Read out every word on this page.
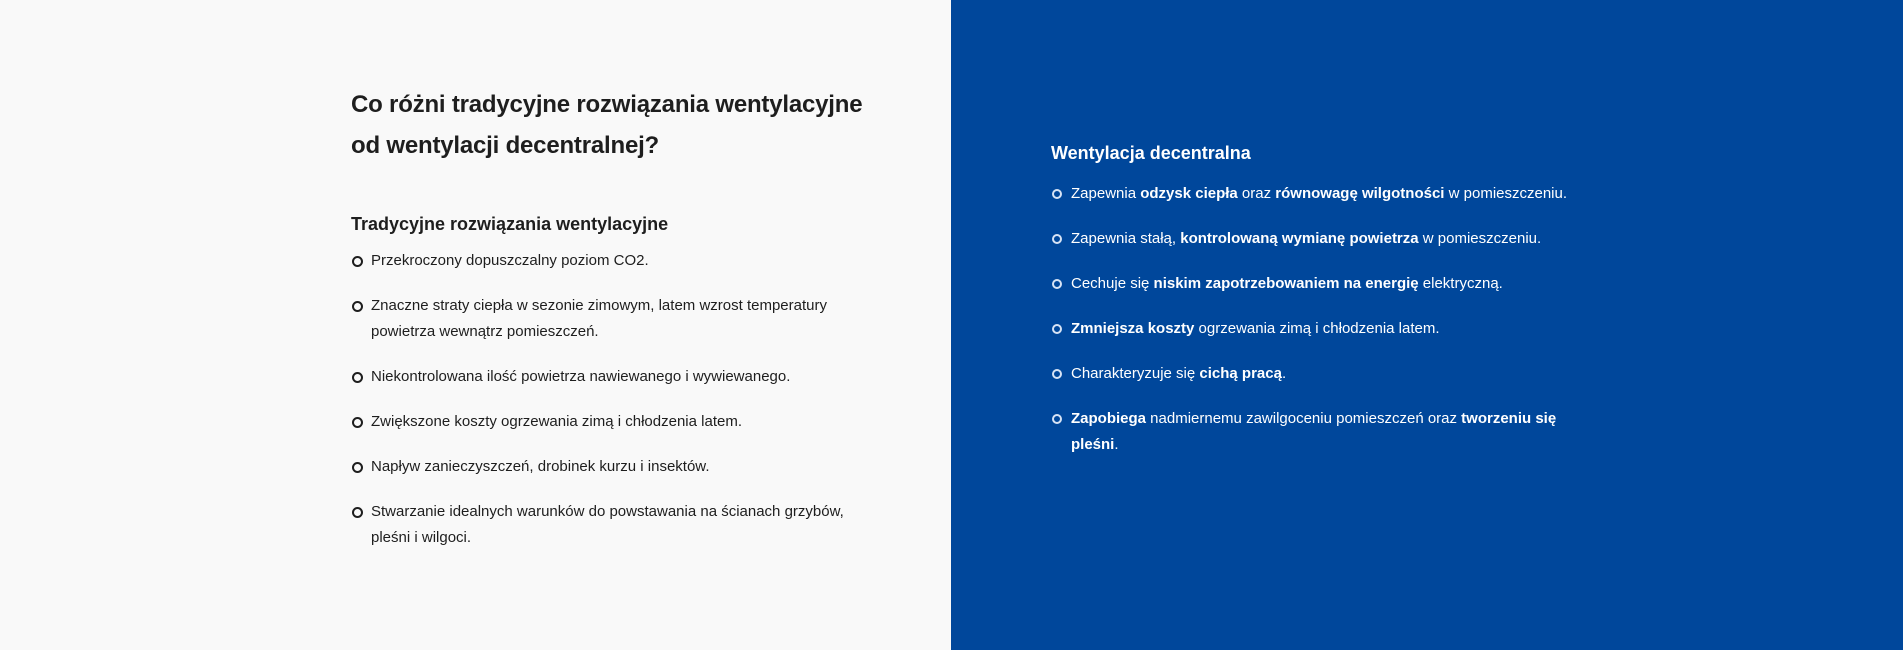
Co różni tradycyjne rozwiązania wentylacyjne od wentylacji decentralnej?
Tradycyjne rozwiązania wentylacyjne
Przekroczony dopuszczalny poziom CO2.
Znaczne straty ciepła w sezonie zimowym, latem wzrost temperatury powietrza wewnątrz pomieszczeń.
Niekontrolowana ilość powietrza nawiewanego i wywiewanego.
Zwiększone koszty ogrzewania zimą i chłodzenia latem.
Napływ zanieczyszczeń, drobinek kurzu i insektów.
Stwarzanie idealnych warunków do powstawania na ścianach grzybów, pleśni i wilgoci.
Wentylacja decentralna
Zapewnia odzysk ciepła oraz równowagę wilgotności w pomieszczeniu.
Zapewnia stałą, kontrolowaną wymianę powietrza w pomieszczeniu.
Cechuje się niskim zapotrzebowaniem na energię elektryczną.
Zmniejsza koszty ogrzewania zimą i chłodzenia latem.
Charakteryzuje się cichą pracą.
Zapobiega nadmiernemu zawilgoceniu pomieszczeń oraz tworzeniu się pleśni.
